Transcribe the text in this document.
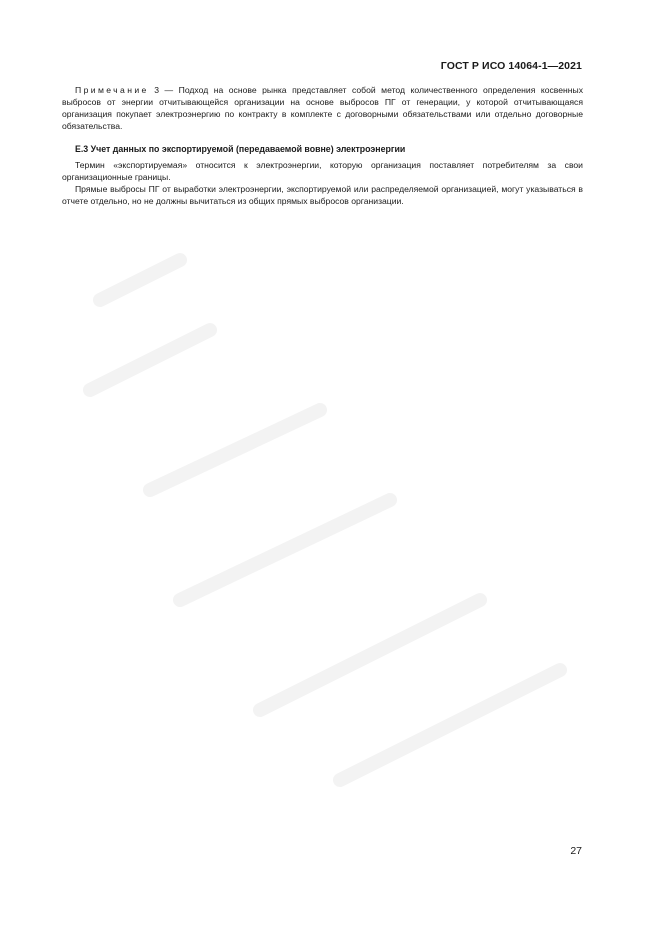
ГОСТ Р ИСО 14064-1—2021

Примечание 3 — Подход на основе рынка представляет собой метод количественного определения косвенных выбросов от энергии отчитывающейся организации на основе выбросов ПГ от генерации, у которой отчитывающаяся организация покупает электроэнергию по контракту в комплекте с договорными обязательствами или отдельно договорные обязательства.

E.3 Учет данных по экспортируемой (передаваемой вовне) электроэнергии

Термин «экспортируемая» относится к электроэнергии, которую организация поставляет потребителям за свои организационные границы.

Прямые выбросы ПГ от выработки электроэнергии, экспортируемой или распределяемой организацией, могут указываться в отчете отдельно, но не должны вычитаться из общих прямых выбросов организации.

27
